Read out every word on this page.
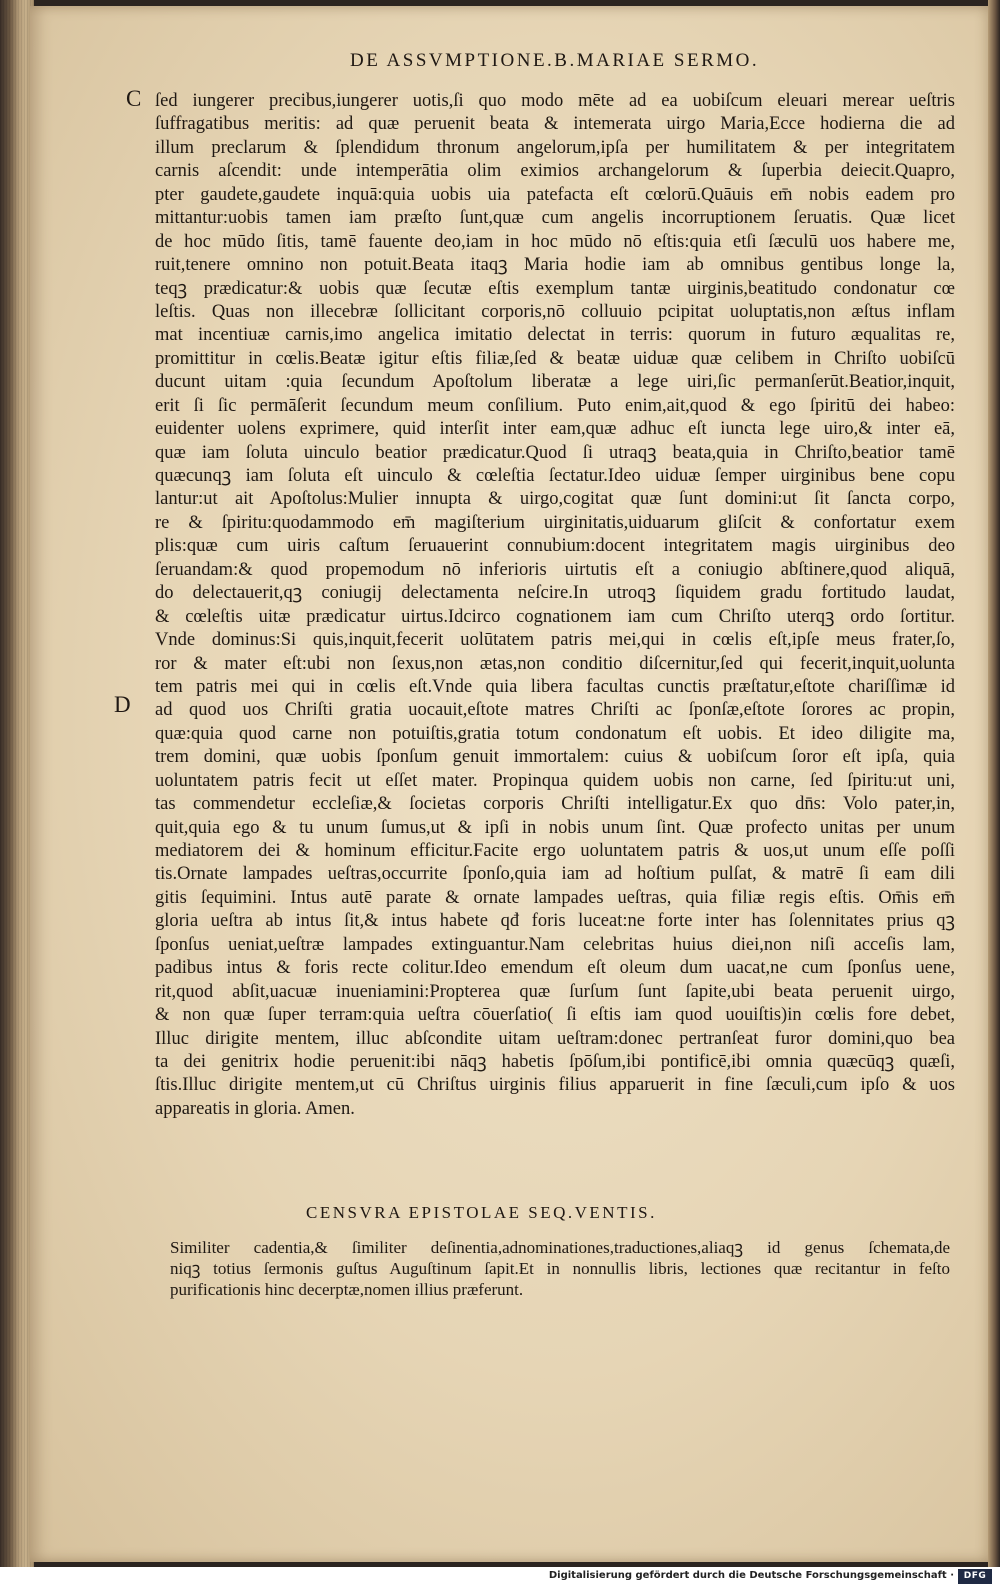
DE ASSVMPTIONE.B.MARIAE SERMO.
C
D
ſed iungerer precibus,iungerer uotis,ſi quo modo mēte ad ea uobiſcum eleuari merear ueſtris
ſuffragatibus meritis: ad quæ peruenit beata & intemerata uirgo Maria,Ecce hodierna die ad
illum preclarum & ſplendidum thronum angelorum,ipſa per humilitatem & per integritatem
carnis aſcendit: unde intemperātia olim eximios archangelorum & ſuperbia deiecit.Quapro,
pter gaudete,gaudete inquā:quia uobis uia patefacta eſt cœlorū.Quāuis em̄ nobis eadem pro
mittantur:uobis tamen iam præſto ſunt,quæ cum angelis incorruptionem ſeruatis. Quæ licet
de hoc mūdo ſitis, tamē fauente deo,iam in hoc mūdo nō eſtis:quia etſi ſæculū uos habere me,
ruit,tenere omnino non potuit.Beata itaqꝫ Maria hodie iam ab omnibus gentibus longe la,
teqꝫ prædicatur:& uobis quæ ſecutæ eſtis exemplum tantæ uirginis,beatitudo condonatur cœ
leſtis. Quas non illecebræ ſollicitant corporis,nō colluuio pcipitat uoluptatis,non æſtus inflam
mat incentiuæ carnis,imo angelica imitatio delectat in terris: quorum in futuro æqualitas re,
promittitur in cœlis.Beatæ igitur eſtis filiæ,ſed & beatæ uiduæ quæ celibem in Chriſto uobiſcū
ducunt uitam :quia ſecundum Apoſtolum liberatæ a lege uiri,ſic permanſerūt.Beatior,inquit,
erit ſi ſic permāſerit ſecundum meum conſilium. Puto enim,ait,quod & ego ſpiritū dei habeo:
euidenter uolens exprimere, quid interſit inter eam,quæ adhuc eſt iuncta lege uiro,& inter eā,
quæ iam ſoluta uinculo beatior prædicatur.Quod ſi utraqꝫ beata,quia in Chriſto,beatior tamē
quæcunqꝫ iam ſoluta eſt uinculo & cœleſtia ſectatur.Ideo uiduæ ſemper uirginibus bene copu
lantur:ut ait Apoſtolus:Mulier innupta & uirgo,cogitat quæ ſunt domini:ut ſit ſancta corpo,
re & ſpiritu:quodammodo em̄ magiſterium uirginitatis,uiduarum gliſcit & confortatur exem
plis:quæ cum uiris caſtum ſeruauerint connubium:docent integritatem magis uirginibus deo
ſeruandam:& quod propemodum nō inferioris uirtutis eſt a coniugio abſtinere,quod aliquā,
do delectauerit,qꝫ coniugij delectamenta neſcire.In utroqꝫ ſiquidem gradu fortitudo laudat,
& cœleſtis uitæ prædicatur uirtus.Idcirco cognationem iam cum Chriſto uterqꝫ ordo ſortitur.
Vnde dominus:Si quis,inquit,fecerit uolūtatem patris mei,qui in cœlis eſt,ipſe meus frater,ſo,
ror & mater eſt:ubi non ſexus,non ætas,non conditio diſcernitur,ſed qui fecerit,inquit,uolunta
tem patris mei qui in cœlis eſt.Vnde quia libera facultas cunctis præſtatur,eſtote chariſſimæ id
ad quod uos Chriſti gratia uocauit,eſtote matres Chriſti ac ſponſæ,eſtote ſorores ac propin,
quæ:quia quod carne non potuiſtis,gratia totum condonatum eſt uobis. Et ideo diligite ma,
trem domini, quæ uobis ſponſum genuit immortalem: cuius & uobiſcum ſoror eſt ipſa, quia
uoluntatem patris fecit ut eſſet mater. Propinqua quidem uobis non carne, ſed ſpiritu:ut uni,
tas commendetur eccleſiæ,& ſocietas corporis Chriſti intelligatur.Ex quo dn̄s: Volo pater,in,
quit,quia ego & tu unum ſumus,ut & ipſi in nobis unum ſint. Quæ profecto unitas per unum
mediatorem dei & hominum efficitur.Facite ergo uoluntatem patris & uos,ut unum eſſe poſſi
tis.Ornate lampades ueſtras,occurrite ſponſo,quia iam ad hoſtium pulſat, & matrē ſi eam dili
gitis ſequimini. Intus autē parate & ornate lampades ueſtras, quia filiæ regis eſtis. Om̄is em̄
gloria ueſtra ab intus ſit,& intus habete qđ foris luceat:ne forte inter has ſolennitates prius qꝫ
ſponſus ueniat,ueſtræ lampades extinguantur.Nam celebritas huius diei,non niſi acceſis lam,
padibus intus & foris recte colitur.Ideo emendum eſt oleum dum uacat,ne cum ſponſus uene,
rit,quod abſit,uacuæ inueniamini:Propterea quæ ſurſum ſunt ſapite,ubi beata peruenit uirgo,
& non quæ ſuper terram:quia ueſtra cōuerſatio( ſi eſtis iam quod uouiſtis)in cœlis fore debet,
Illuc dirigite mentem, illuc abſcondite uitam ueſtram:donec pertranſeat furor domini,quo bea
ta dei genitrix hodie peruenit:ibi nāqꝫ habetis ſpōſum,ibi pontificē,ibi omnia quæcūqꝫ quæſi,
ſtis.Illuc dirigite mentem,ut cū Chriſtus uirginis filius apparuerit in fine ſæculi,cum ipſo & uos
appareatis in gloria. Amen.
CENSVRA EPISTOLAE SEQ.VENTIS.
Similiter cadentia,& ſimiliter deſinentia,adnominationes,traductiones,aliaqꝫ id genus ſchemata,de
niqꝫ totius ſermonis guſtus Auguſtinum ſapit.Et in nonnullis libris, lectiones quæ recitantur in feſto
purificationis hinc decerptæ,nomen illius præferunt.
Digitalisierung gefördert durch die Deutsche Forschungsgemeinschaft ·	DFG
